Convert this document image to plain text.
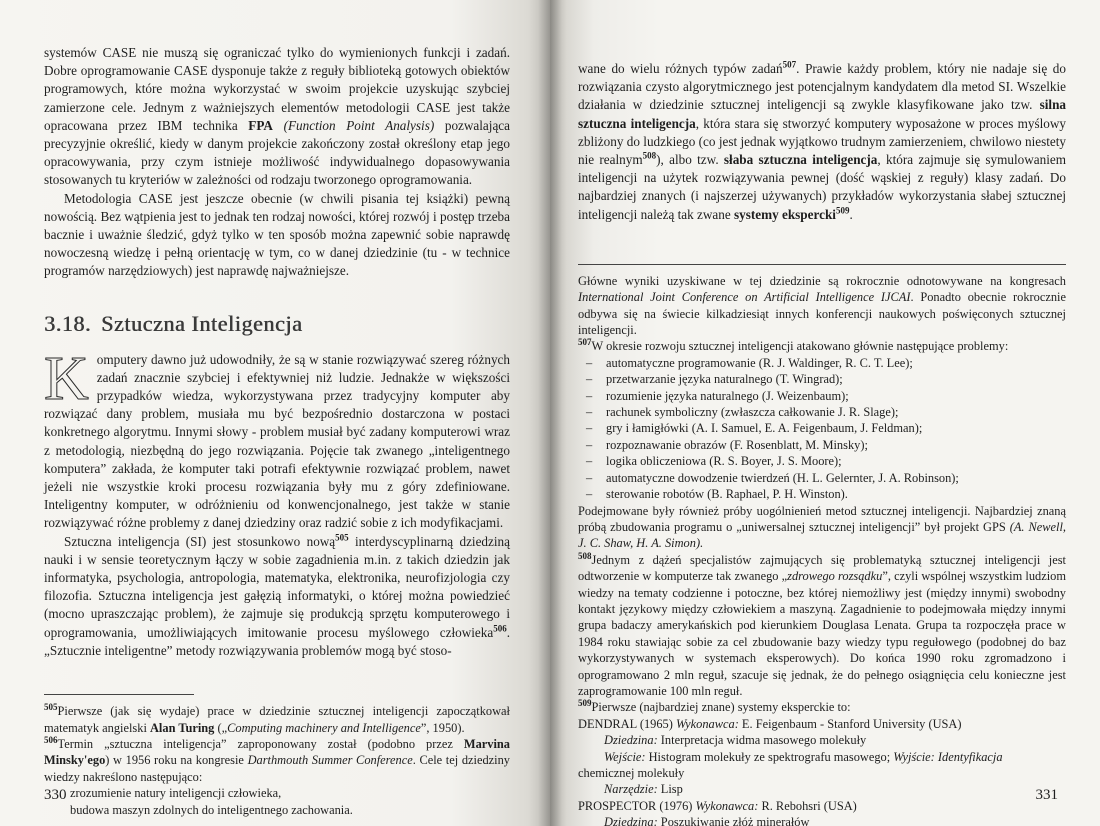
systemów CASE nie muszą się ograniczać tylko do wymienionych funkcji i zadań. Dobre oprogramowanie CASE dysponuje także z reguły biblioteką gotowych obiektów programowych, które można wykorzystać w swoim projekcie uzyskując szybciej zamierzone cele. Jednym z ważniejszych elementów metodologii CASE jest także opracowana przez IBM technika FPA (Function Point Analysis) pozwalająca precyzyjnie określić, kiedy w danym projekcie zakończony został określony etap jego opracowywania, przy czym istnieje możliwość indywidualnego dopasowywania stosowanych tu kryteriów w zależności od rodzaju tworzonego oprogramowania.

Metodologia CASE jest jeszcze obecnie (w chwili pisania tej książki) pewną nowością. Bez wątpienia jest to jednak ten rodzaj nowości, której rozwój i postęp trzeba bacznie i uważnie śledzić, gdyż tylko w ten sposób można zapewnić sobie naprawdę nowoczesną wiedzę i pełną orientację w tym, co w danej dziedzinie (tu - w technice programów narzędziowych) jest naprawdę najważniejsze.

3.18. Sztuczna Inteligencja

Komputery dawno już udowodniły, że są w stanie rozwiązywać szereg różnych zadań znacznie szybciej i efektywniej niż ludzie. Jednakże w większości przypadków wiedza, wykorzystywana przez tradycyjny komputer aby rozwiązać dany problem, musiała mu być bezpośrednio dostarczona w postaci konkretnego algorytmu. Innymi słowy - problem musiał być zadany komputerowi wraz z metodologią, niezbędną do jego rozwiązania. Pojęcie tak zwanego „inteligentnego komputera” zakłada, że komputer taki potrafi efektywnie rozwiązać problem, nawet jeżeli nie wszystkie kroki procesu rozwiązania były mu z góry zdefiniowane. Inteligentny komputer, w odróżnieniu od konwencjonalnego, jest także w stanie rozwiązywać różne problemy z danej dziedziny oraz radzić sobie z ich modyfikacjami.

Sztuczna inteligencja (SI) jest stosunkowo nową$^{505}$ interdyscyplinarną dziedziną nauki i w sensie teoretycznym łączy w sobie zagadnienia m.in. z takich dziedzin jak informatyka, psychologia, antropologia, matematyka, elektronika, neurofizjologia czy filozofia. Sztuczna inteligencja jest gałęzią informatyki, o której można powiedzieć (mocno upraszczając problem), że zajmuje się produkcją sprzętu komputerowego i oprogramowania, umożliwiających imitowanie procesu myślowego człowieka$^{506}$. „Sztucznie inteligentne” metody rozwiązywania problemów mogą być stoso-

$^{505}$Pierwsze (jak się wydaje) prace w dziedzinie sztucznej inteligencji zapoczątkował matematyk angielski Alan Turing („Computing machinery and Intelligence”, 1950).

$^{506}$Termin „sztuczna inteligencja” zaproponowany został (podobno przez Marvina Minsky'ego) w 1956 roku na kongresie Darthmouth Summer Conference. Cele tej dziedziny wiedzy nakreślono następująco:

zrozumienie natury inteligencji człowieka,

budowa maszyn zdolnych do inteligentnego zachowania.

330

wane do wielu różnych typów zadań$^{507}$. Prawie każdy problem, który nie nadaje się do rozwiązania czysto algorytmicznego jest potencjalnym kandydatem dla metod SI. Wszelkie działania w dziedzinie sztucznej inteligencji są zwykle klasyfikowane jako tzw. silna sztuczna inteligencja, która stara się stworzyć komputery wyposażone w proces myślowy zbliżony do ludzkiego (co jest jednak wyjątkowo trudnym zamierzeniem, chwilowo niestety nie realnym$^{508}$), albo tzw. słaba sztuczna inteligencja, która zajmuje się symulowaniem inteligencji na użytek rozwiązywania pewnej (dość wąskiej z reguły) klasy zadań. Do najbardziej znanych (i najszerzej używanych) przykładów wykorzystania słabej sztucznej inteligencji należą tak zwane systemy ekspercki$^{509}$.

Główne wyniki uzyskiwane w tej dziedzinie są rokrocznie odnotowywane na kongresach International Joint Conference on Artificial Intelligence IJCAI. Ponadto obecnie rokrocznie odbywa się na świecie kilkadziesiąt innych konferencji naukowych poświęconych sztucznej inteligencji.

$^{507}$W okresie rozwoju sztucznej inteligencji atakowano głównie następujące problemy:

– automatyczne programowanie (R. J. Waldinger, R. C. T. Lee);
– przetwarzanie języka naturalnego (T. Wingrad);
– rozumienie języka naturalnego (J. Weizenbaum);
– rachunek symboliczny (zwłaszcza całkowanie J. R. Slage);
– gry i łamigłówki (A. I. Samuel, E. A. Feigenbaum, J. Feldman);
– rozpoznawanie obrazów (F. Rosenblatt, M. Minsky);
– logika obliczeniowa (R. S. Boyer, J. S. Moore);
– automatyczne dowodzenie twierdzeń (H. L. Gelernter, J. A. Robinson);
– sterowanie robotów (B. Raphael, P. H. Winston).

Podejmowane były również próby uogólnienień metod sztucznej inteligencji. Najbardziej znaną próbą zbudowania programu o „uniwersalnej sztucznej inteligencji” był projekt GPS (A. Newell, J. C. Shaw, H. A. Simon).

$^{508}$Jednym z dążeń specjalistów zajmujących się problematyką sztucznej inteligencji jest odtworzenie w komputerze tak zwanego „zdrowego rozsądku”, czyli wspólnej wszystkim ludziom wiedzy na tematy codzienne i potoczne, bez której niemożliwy jest (między innymi) swobodny kontakt językowy między człowiekiem a maszyną. Zagadnienie to podejmowała między innymi grupa badaczy amerykańskich pod kierunkiem Douglasa Lenata. Grupa ta rozpoczęła prace w 1984 roku stawiając sobie za cel zbudowanie bazy wiedzy typu regułowego (podobnej do baz wykorzystywanych w systemach eksperowych). Do końca 1990 roku zgromadzono i oprogramowano 2 mln reguł, szacuje się jednak, że do pełnego osiągnięcia celu konieczne jest zaprogramowanie 100 mln reguł.

$^{509}$Pierwsze (najbardziej znane) systemy eksperckie to:

DENDRAL (1965) Wykonawca: E. Feigenbaum - Stanford University (USA)

Dziedzina: Interpretacja widma masowego molekuły

Wejście: Histogram molekuły ze spektrografu masowego; Wyjście: Identyfikacja

chemicznej molekuły

Narzędzie: Lisp

PROSPECTOR (1976) Wykonawca: R. Rebohsri (USA)

Dziedzina: Poszukiwanie złóż minerałów

331
